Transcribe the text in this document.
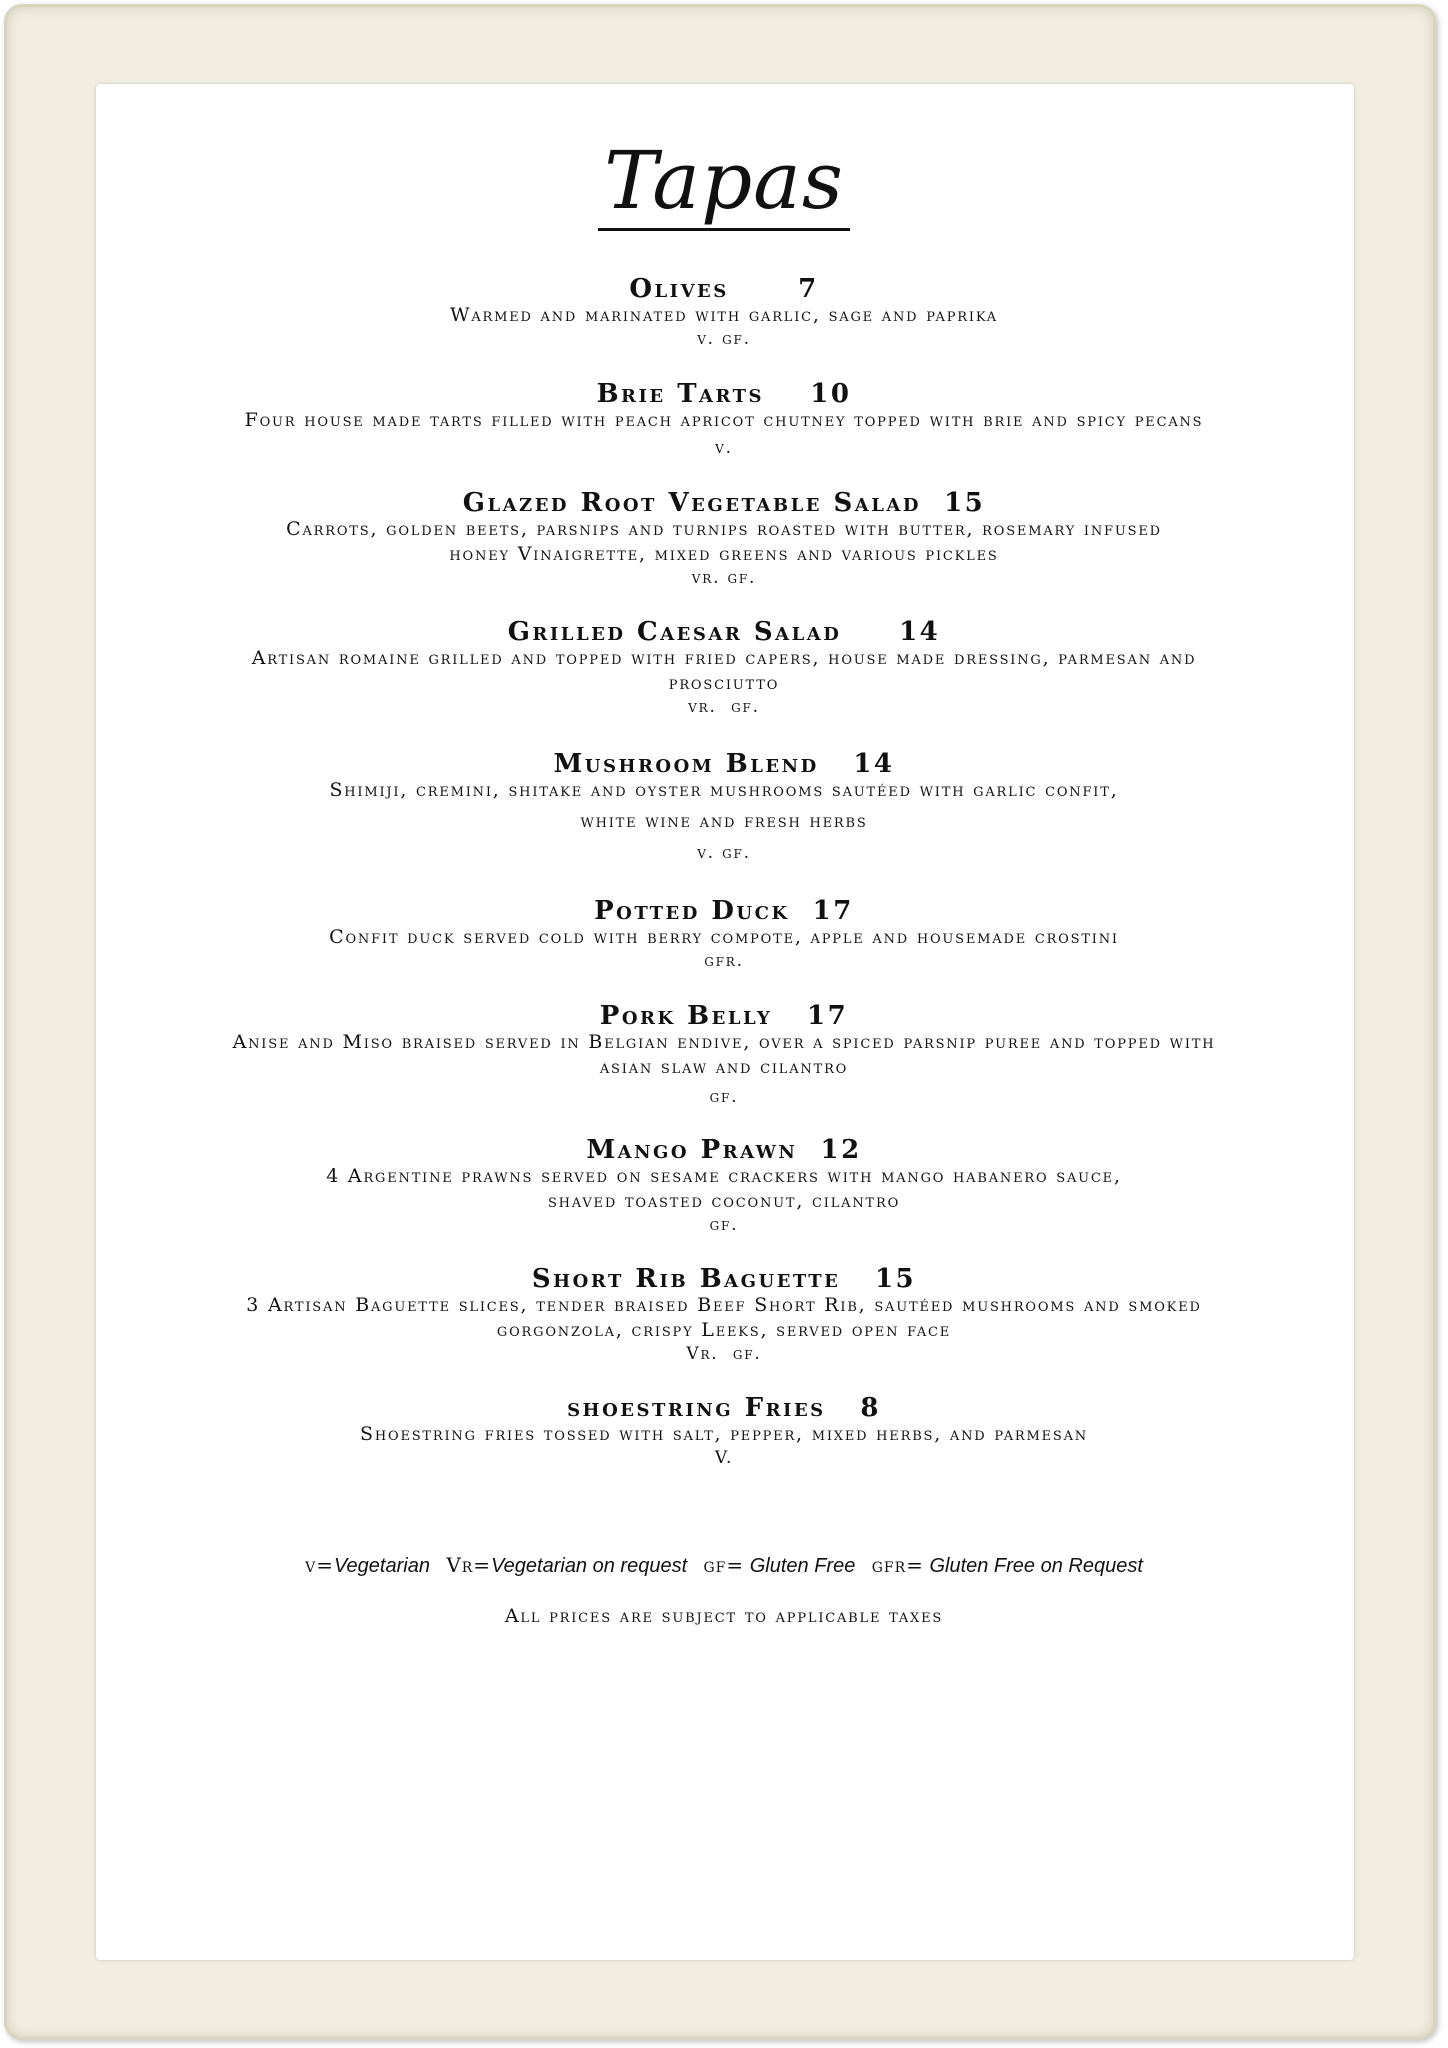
Tapas
Olives      7
Warmed and marinated with garlic, sage and paprika
v. gf.
Brie Tarts    10
Four house made tarts filled with peach apricot chutney topped with brie and spicy pecans
v.
Glazed Root Vegetable Salad  15
Carrots, golden beets, parsnips and turnips roasted with butter, rosemary infused
honey Vinaigrette, mixed greens and various pickles
vr. gf.
Grilled Caesar Salad     14
Artisan romaine grilled and topped with fried capers, house made dressing, parmesan and
prosciutto
vr.  gf.
Mushroom Blend   14
Shimiji, cremini, shitake and oyster mushrooms sautéed with garlic confit,
white wine and fresh herbs
v. gf.
Potted Duck  17
Confit duck served cold with berry compote, apple and housemade crostini
gfr.
Pork Belly   17
Anise and Miso braised served in Belgian endive, over a spiced parsnip puree and topped with
asian slaw and cilantro
gf.
Mango Prawn  12
4 Argentine prawns served on sesame crackers with mango habanero sauce,
shaved toasted coconut, cilantro
gf.
Short Rib Baguette   15
3 Artisan Baguette slices, tender braised Beef Short Rib, sautéed mushrooms and smoked
gorgonzola, crispy Leeks, served open face
Vr.  gf.
shoestring Fries   8
Shoestring fries tossed with salt, pepper, mixed herbs, and parmesan
V.
v=Vegetarian Vr=Vegetarian on request gf= Gluten Free gfr= Gluten Free on Request
All prices are subject to applicable taxes
